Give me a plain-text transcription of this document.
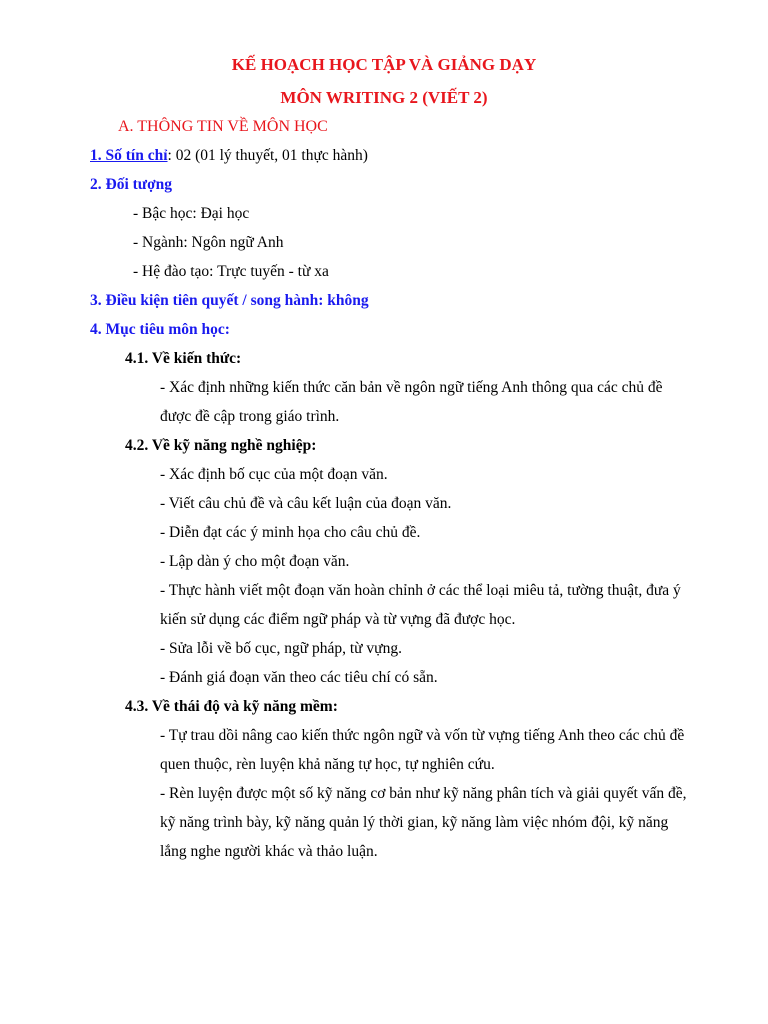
KẾ HOẠCH HỌC TẬP VÀ GIẢNG DẠY
MÔN WRITING 2 (VIẾT 2)
A. THÔNG TIN VỀ MÔN HỌC
1. Số tín chỉ: 02 (01 lý thuyết, 01 thực hành)
2. Đối tượng
- Bậc học: Đại học
- Ngành: Ngôn ngữ Anh
- Hệ đào tạo: Trực tuyến - từ xa
3. Điều kiện tiên quyết / song hành: không
4. Mục tiêu môn học:
4.1. Về kiến thức:
- Xác định những kiến thức căn bản về ngôn ngữ tiếng Anh thông qua các chủ đề
được đề cập trong giáo trình.
4.2. Về kỹ năng nghề nghiệp:
- Xác định bố cục của một đoạn văn.
- Viết câu chủ đề và câu kết luận của đoạn văn.
- Diễn đạt các ý minh họa cho câu chủ đề.
- Lập dàn ý cho một đoạn văn.
- Thực hành viết một đoạn văn hoàn chỉnh ở các thể loại miêu tả, tường thuật, đưa ý
kiến sử dụng các điểm ngữ pháp và từ vựng đã được học.
- Sửa lỗi về bố cục, ngữ pháp, từ vựng.
- Đánh giá đoạn văn theo các tiêu chí có sẵn.
4.3. Về thái độ và kỹ năng mềm:
- Tự trau dồi nâng cao kiến thức ngôn ngữ và vốn từ vựng tiếng Anh theo các chủ đề
quen thuộc, rèn luyện khả năng tự học, tự nghiên cứu.
- Rèn luyện được một số kỹ năng cơ bản như kỹ năng phân tích và giải quyết vấn đề,
kỹ năng trình bày, kỹ năng quản lý thời gian, kỹ năng làm việc nhóm đội, kỹ năng
lắng nghe người khác và thảo luận.
